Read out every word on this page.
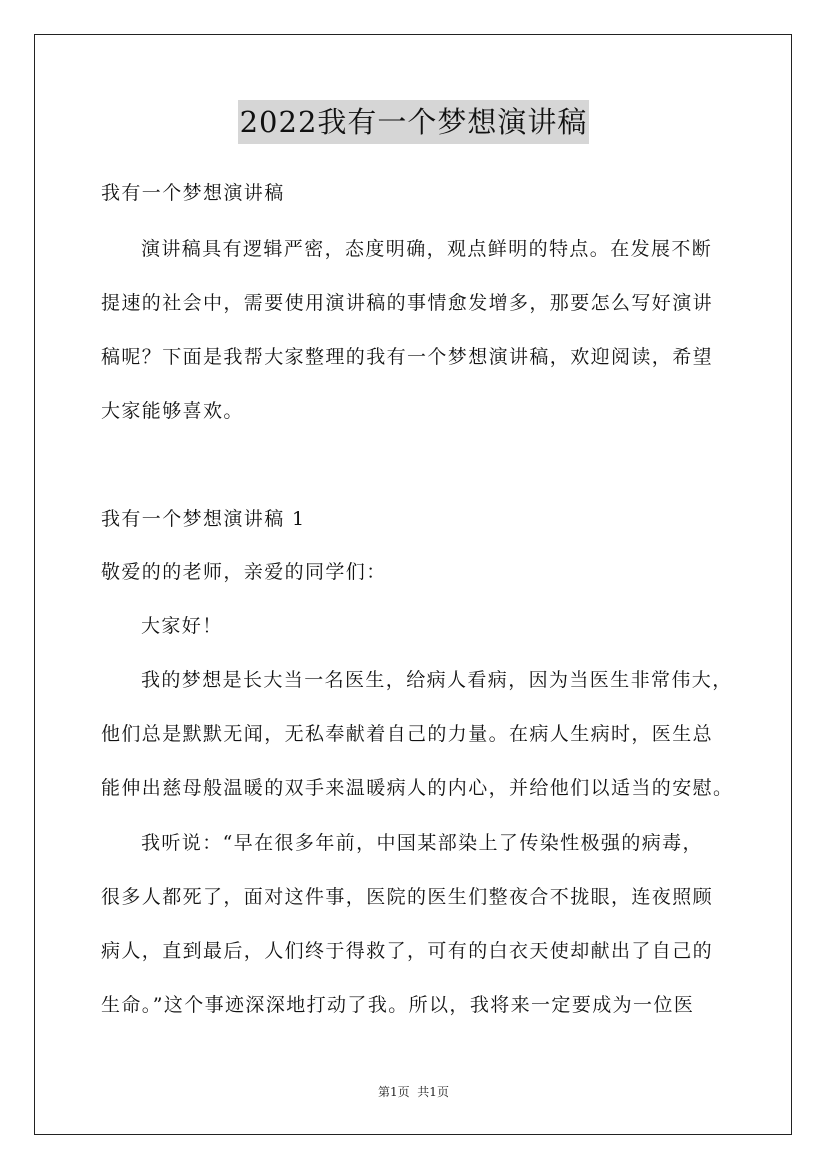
2022我有一个梦想演讲稿
我有一个梦想演讲稿
演讲稿具有逻辑严密，态度明确，观点鲜明的特点。在发展不断
提速的社会中，需要使用演讲稿的事情愈发增多，那要怎么写好演讲
稿呢？下面是我帮大家整理的我有一个梦想演讲稿，欢迎阅读，希望
大家能够喜欢。
我有一个梦想演讲稿 1
敬爱的的老师，亲爱的同学们：
大家好！
我的梦想是长大当一名医生，给病人看病，因为当医生非常伟大，
他们总是默默无闻，无私奉献着自己的力量。在病人生病时，医生总
能伸出慈母般温暖的双手来温暖病人的内心，并给他们以适当的安慰。
我听说：“早在很多年前，中国某部染上了传染性极强的病毒，
很多人都死了，面对这件事，医院的医生们整夜合不拢眼，连夜照顾
病人，直到最后，人们终于得救了，可有的白衣天使却献出了自己的
生命。”这个事迹深深地打动了我。所以，我将来一定要成为一位医
第1页  共1页
